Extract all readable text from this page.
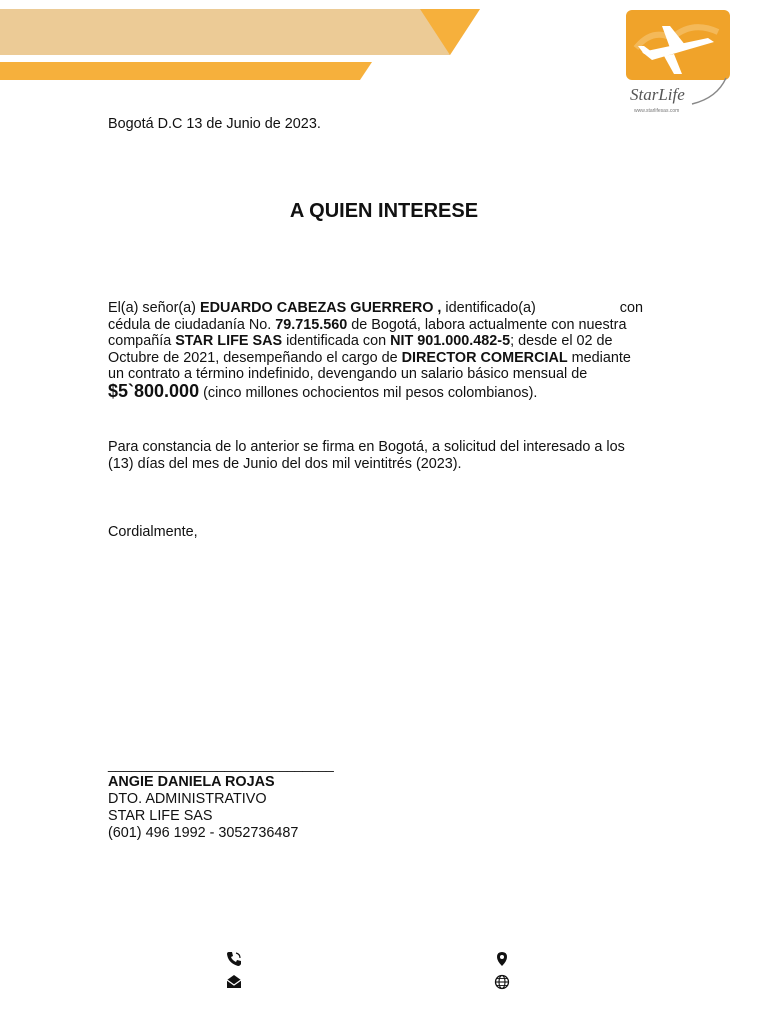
StarLife
www.starlifesas.com
Bogotá D.C 13 de Junio de 2023.
A QUIEN INTERESE
El(a) señor(a) EDUARDO CABEZAS GUERRERO , identificado(a)	con
cédula de ciudadanía No. 79.715.560 de Bogotá, labora actualmente con nuestra compañía STAR LIFE SAS identificada con NIT 901.000.482-5; desde el 02 de Octubre de 2021, desempeñando el cargo de DIRECTOR COMERCIAL mediante un contrato a término indefinido, devengando un salario básico mensual de $5`800.000 (cinco millones ochocientos mil pesos colombianos).
Para constancia de lo anterior se firma en Bogotá, a solicitud del interesado a los (13) días del mes de Junio del dos mil veintitrés (2023).
Cordialmente,
_____________________________
ANGIE DANIELA ROJAS
DTO. ADMINISTRATIVO
STAR LIFE SAS
(601) 496 1992 - 3052736487
